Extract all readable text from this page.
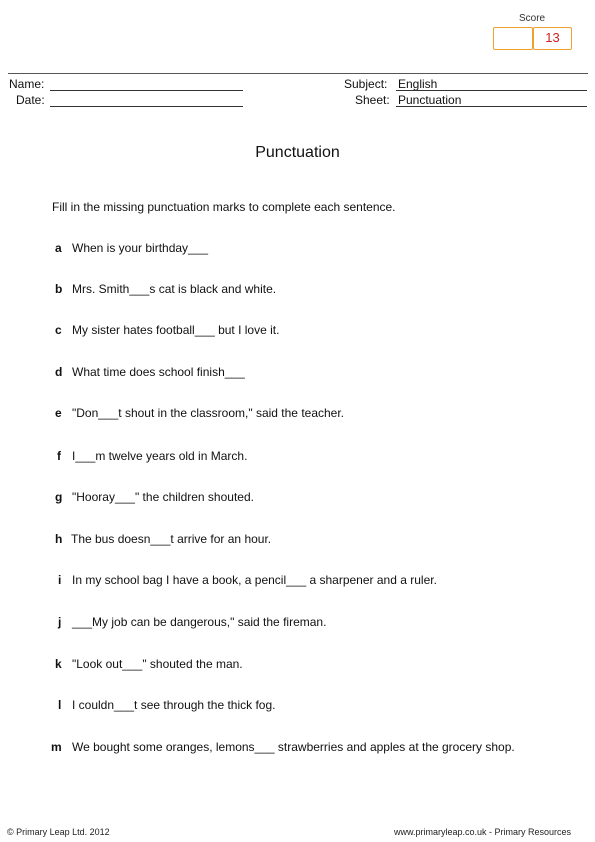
Score
13
Name:
Date:
Subject: English
Sheet: Punctuation
Punctuation
Fill in the missing punctuation marks to complete each sentence.
a When is your birthday___
b Mrs. Smith___s cat is black and white.
c My sister hates football___ but I love it.
d What time does school finish___
e "Don___t shout in the classroom," said the teacher.
f I___m twelve years old in March.
g "Hooray___" the children shouted.
h The bus doesn___t arrive for an hour.
i In my school bag I have a book, a pencil___ a sharpener and a ruler.
j ___My job can be dangerous," said the fireman.
k "Look out___" shouted the man.
l I couldn___t see through the thick fog.
m We bought some oranges, lemons___ strawberries and apples at the grocery shop.
© Primary Leap Ltd. 2012	www.primaryleap.co.uk - Primary Resources
